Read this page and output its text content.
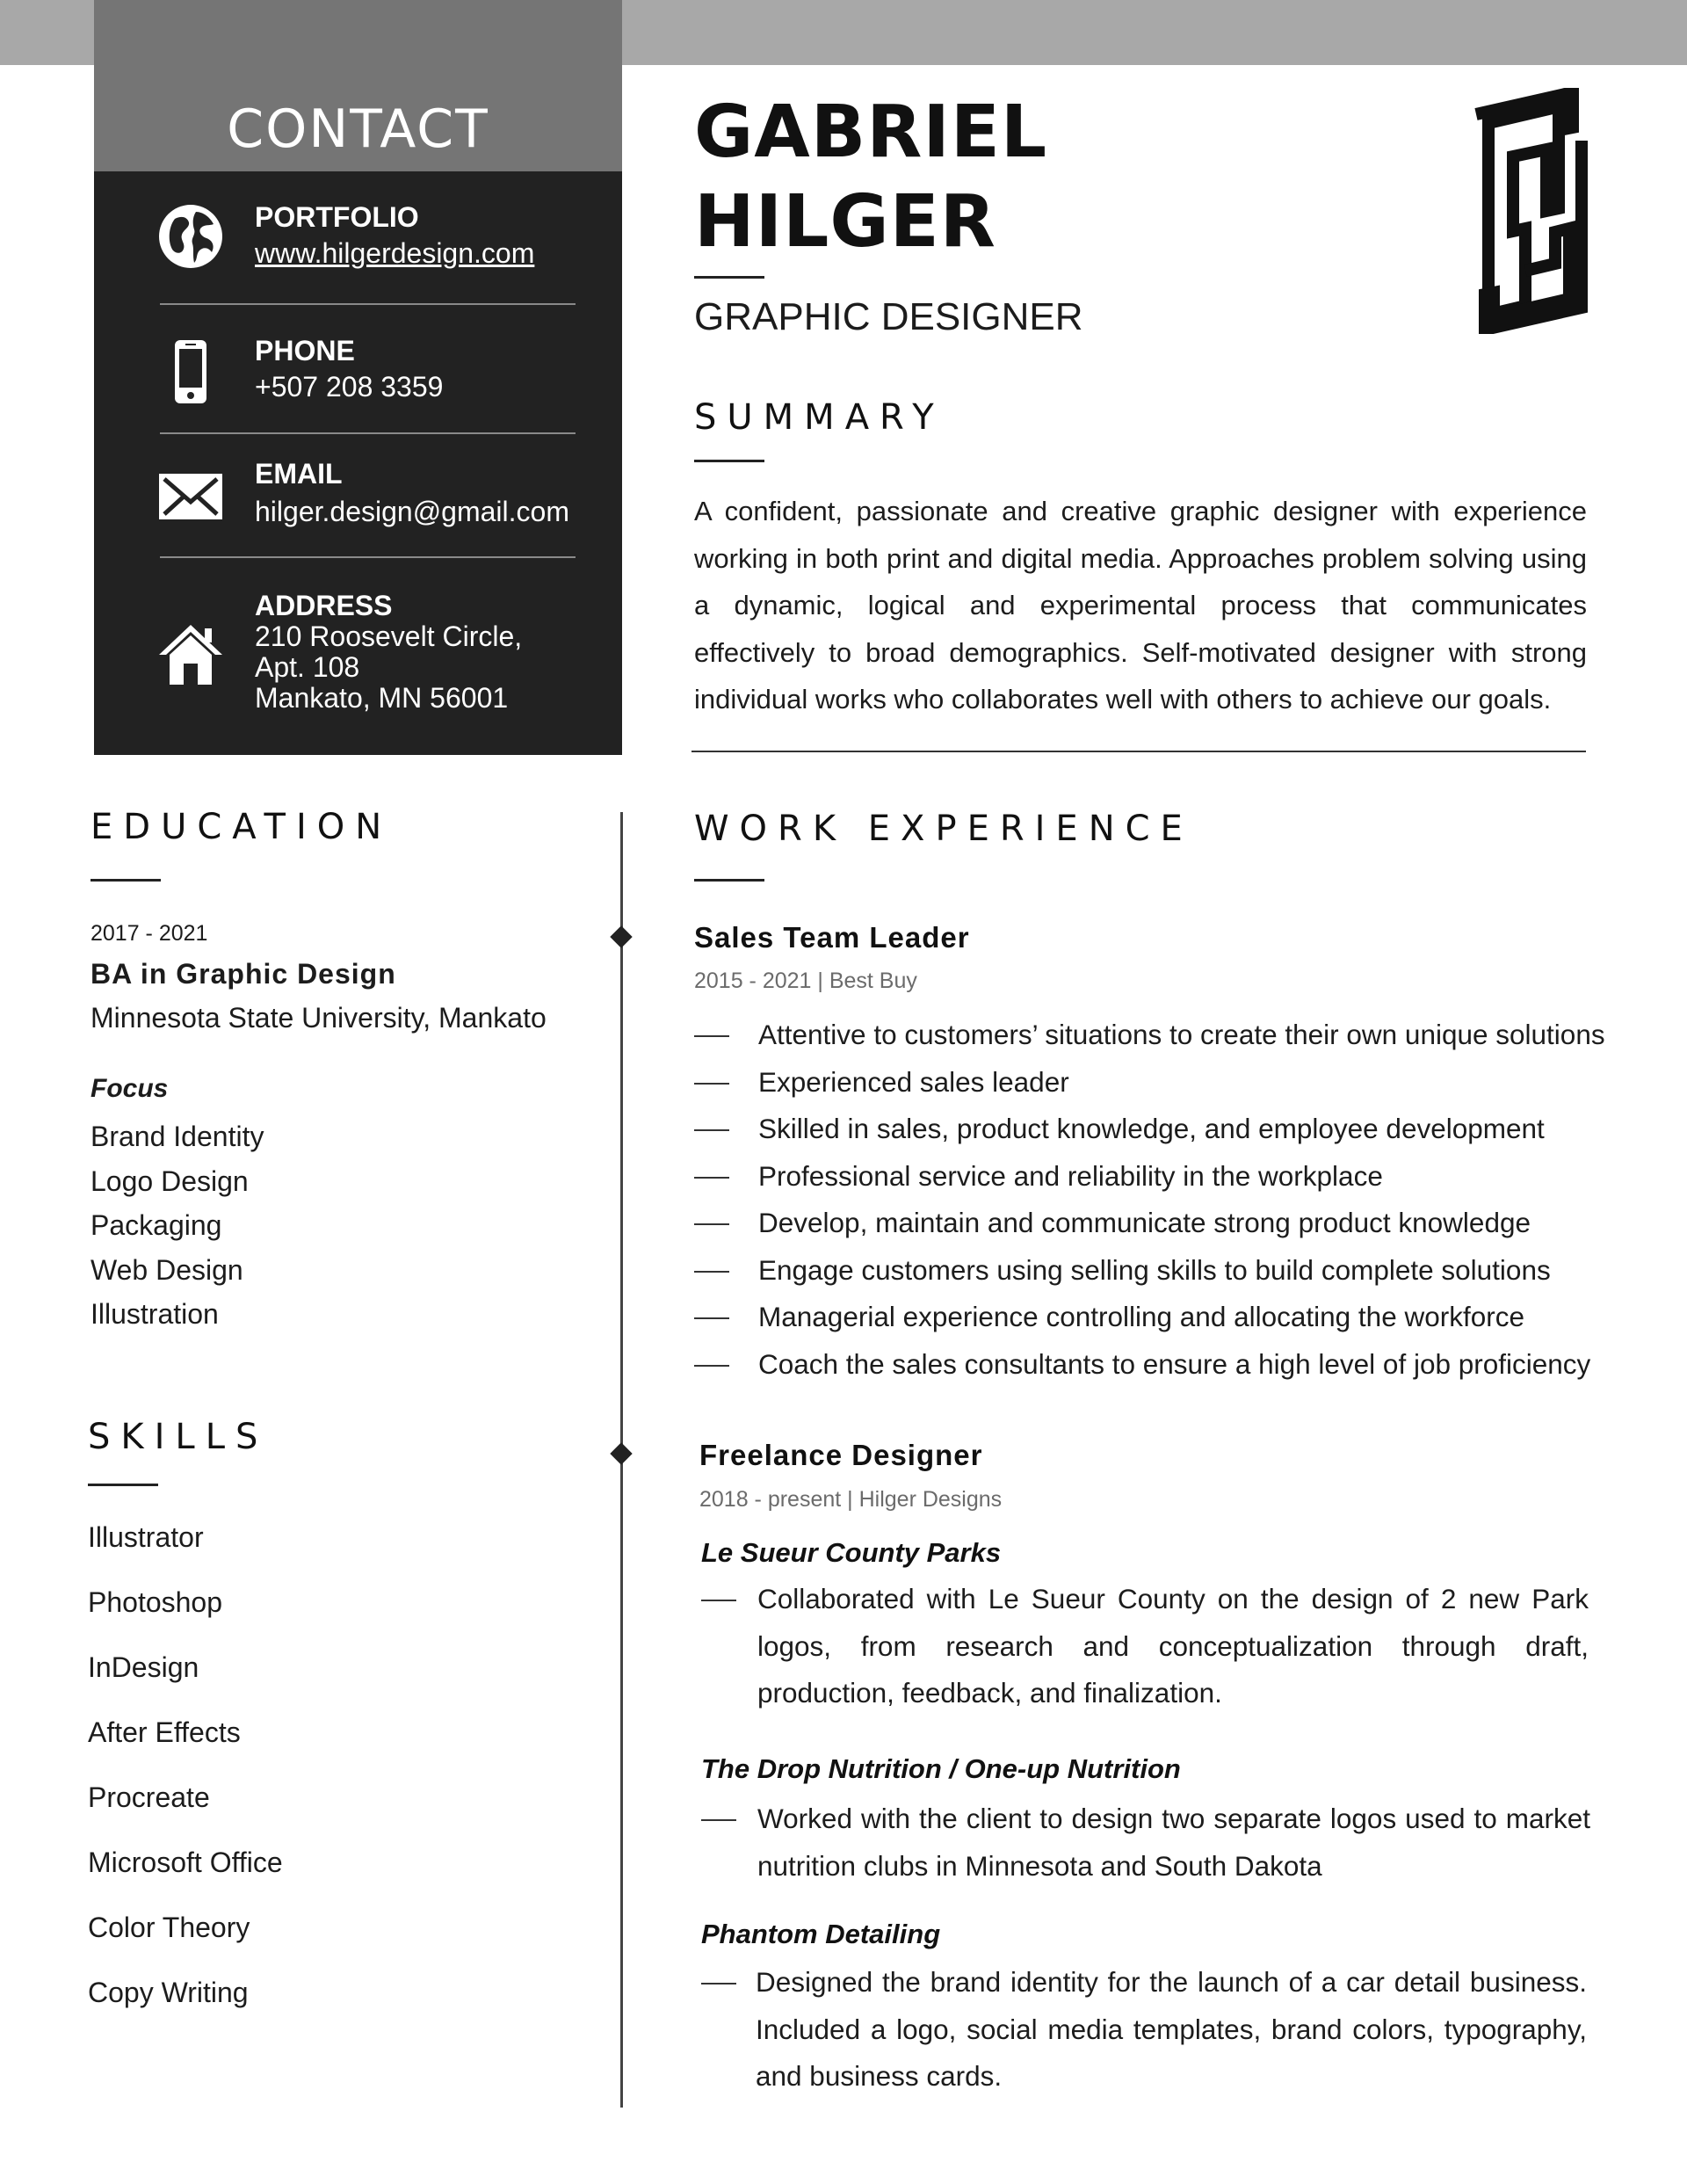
CONTACT
PORTFOLIO
www.hilgerdesign.com
PHONE
+507 208 3359
EMAIL
hilger.design@gmail.com
ADDRESS
210 Roosevelt Circle,
Apt. 108
Mankato, MN 56001
GABRIEL
HILGER
GRAPHIC DESIGNER
SUMMARY
A confident, passionate and creative graphic designer with experience working in both print and digital media. Approaches problem solving using a dynamic, logical and experimental process that communicates effectively to broad demographics. Self-motivated designer with strong individual works who collaborates well with others to achieve our goals.
EDUCATION
2017 - 2021
BA in Graphic Design
Minnesota State University, Mankato
Focus
Brand Identity
Logo Design
Packaging
Web Design
Illustration
SKILLS
Illustrator
Photoshop
InDesign
After Effects
Procreate
Microsoft Office
Color Theory
Copy Writing
WORK EXPERIENCE
Sales Team Leader
2015 - 2021 | Best Buy
Attentive to customers’ situations to create their own unique solutions
Experienced sales leader
Skilled in sales, product knowledge, and employee development
Professional service and reliability in the workplace
Develop, maintain and communicate strong product knowledge
Engage customers using selling skills to build complete solutions
Managerial experience controlling and allocating the workforce
Coach the sales consultants to ensure a high level of job proficiency
Freelance Designer
2018 - present | Hilger Designs
Le Sueur County Parks
Collaborated with Le Sueur County on the design of 2 new Park logos, from research and conceptualization through draft, production, feedback, and finalization.
The Drop Nutrition / One-up Nutrition
Worked with the client to design two separate logos used to market nutrition clubs in Minnesota and South Dakota
Phantom Detailing
Designed the brand identity for the launch of a car detail business. Included a logo, social media templates, brand colors, typography, and business cards.
